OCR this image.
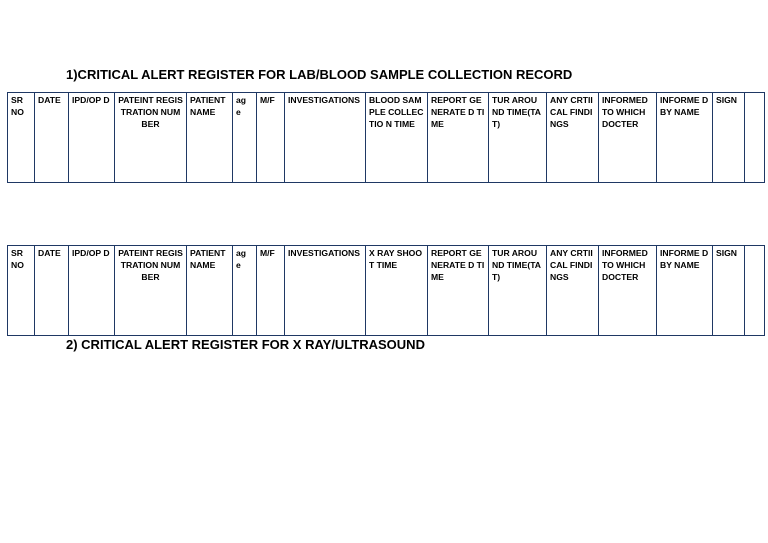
1)CRITICAL ALERT REGISTER FOR LAB/BLOOD SAMPLE COLLECTION RECORD
SR NO	DATE	IPD/OP D	PATEINT REGISTRATION NUMBER	PATIENT NAME	ag e	M/F	INVESTIGATIONS	BLOOD SAMPLE COLLECTIO N TIME	REPORT GENERATE D TIME	TUR AROUND TIME(TAT)	ANY CRTIICAL FINDINGS	INFORMED TO WHICH DOCTER	INFORME D BY NAME	SIGN	
SR NO	DATE	IPD/OP D	PATEINT REGISTRATION NUMBER	PATIENT NAME	ag e	M/F	INVESTIGATIONS	X RAY SHOOT TIME	REPORT GENERATE D TIME	TUR AROUND TIME(TAT)	ANY CRTIICAL FINDINGS	INFORMED TO WHICH DOCTER	INFORME D BY NAME	SIGN	
2) CRITICAL ALERT REGISTER FOR X RAY/ULTRASOUND
